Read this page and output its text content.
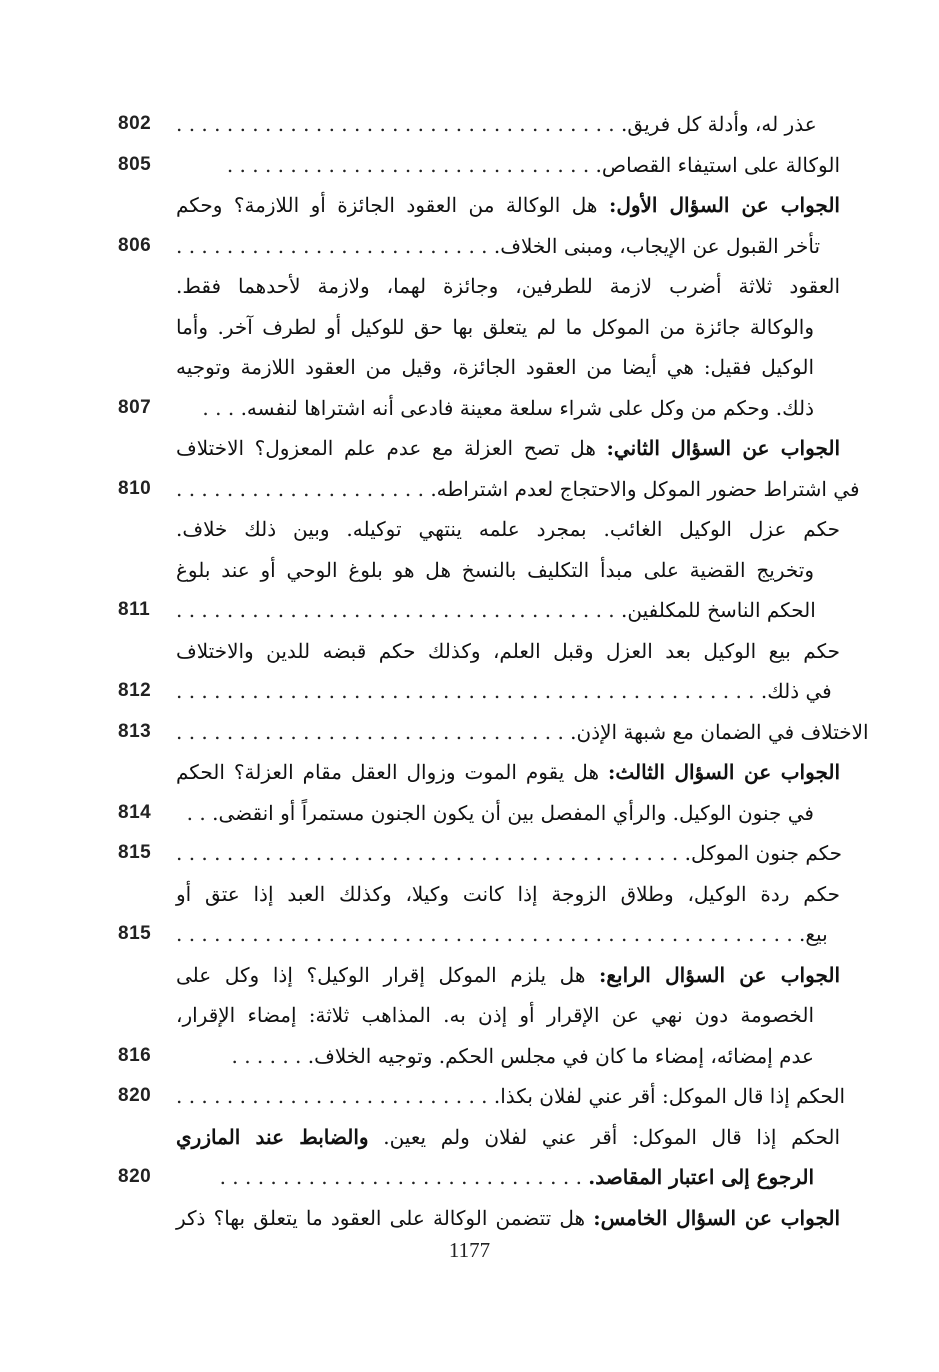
802	عذر له، وأدلة كل فريق. . . . . . . . . . . . . . . . . . . . . . . . . . . . . . . . . . . .
805	الوكالة على استيفاء القصاص. . . . . . . . . . . . . . . . . . . . . . . . . . . . . .
الجواب عن السؤال الأول: هل الوكالة من العقود الجائزة أو اللازمة؟ وحكم
806	تأخر القبول عن الإيجاب، ومبنى الخلاف. . . . . . . . . . . . . . . . . . . . . . . . . .
العقود ثلاثة أضرب لازمة للطرفين، وجائزة لهما، ولازمة لأحدهما فقط.
والوكالة جائزة من الموكل ما لم يتعلق بها حق للوكيل أو لطرف آخر. وأما
الوكيل فقيل: هي أيضا من العقود الجائزة، وقيل من العقود اللازمة وتوجيه
807	ذلك. وحكم من وكل على شراء سلعة معينة فادعى أنه اشتراها لنفسه. . . .
الجواب عن السؤال الثاني: هل تصح العزلة مع عدم علم المعزول؟ الاختلاف
810	في اشتراط حضور الموكل والاحتجاج لعدم اشتراطه. . . . . . . . . . . . . . . . . . . . .
حكم عزل الوكيل الغائب. بمجرد علمه ينتهي توكيله. وبين ذلك خلاف.
وتخريج القضية على مبدأ التكليف بالنسخ هل هو بلوغ الوحي أو عند بلوغ
811	الحكم الناسخ للمكلفين. . . . . . . . . . . . . . . . . . . . . . . . . . . . . . . . . . . .
حكم بيع الوكيل بعد العزل وقبل العلم، وكذلك حكم قبضه للدين والاختلاف
812	في ذلك. . . . . . . . . . . . . . . . . . . . . . . . . . . . . . . . . . . . . . . . . . . . . . .
813	الاختلاف في الضمان مع شبهة الإذن. . . . . . . . . . . . . . . . . . . . . . . . . . . . . . . .
الجواب عن السؤال الثالث: هل يقوم الموت وزوال العقل مقام العزلة؟ الحكم
814	في جنون الوكيل. والرأي المفصل بين أن يكون الجنون مستمراً أو انقضى. . .
815	حكم جنون الموكل. . . . . . . . . . . . . . . . . . . . . . . . . . . . . . . . . . . . . . . . .
حكم ردة الوكيل، وطلاق الزوجة إذا كانت وكيلا، وكذلك العبد إذا عتق أو
815	بيع. . . . . . . . . . . . . . . . . . . . . . . . . . . . . . . . . . . . . . . . . . . . . . . . . .
الجواب عن السؤال الرابع: هل يلزم الموكل إقرار الوكيل؟ إذا وكل على
الخصومة دون نهي عن الإقرار أو إذن به. المذاهب ثلاثة: إمضاء الإقرار،
816	عدم إمضائه، إمضاء ما كان في مجلس الحكم. وتوجيه الخلاف. . . . . . .
820	الحكم إذا قال الموكل: أقر عني لفلان بكذا. . . . . . . . . . . . . . . . . . . . . . . . . .
الحكم إذا قال الموكل: أقر عني لفلان ولم يعين. والضابط عند المازري
820	الرجوع إلى اعتبار المقاصد. . . . . . . . . . . . . . . . . . . . . . . . . . . . . .
الجواب عن السؤال الخامس: هل تتضمن الوكالة على العقود ما يتعلق بها؟ ذكر
1177
